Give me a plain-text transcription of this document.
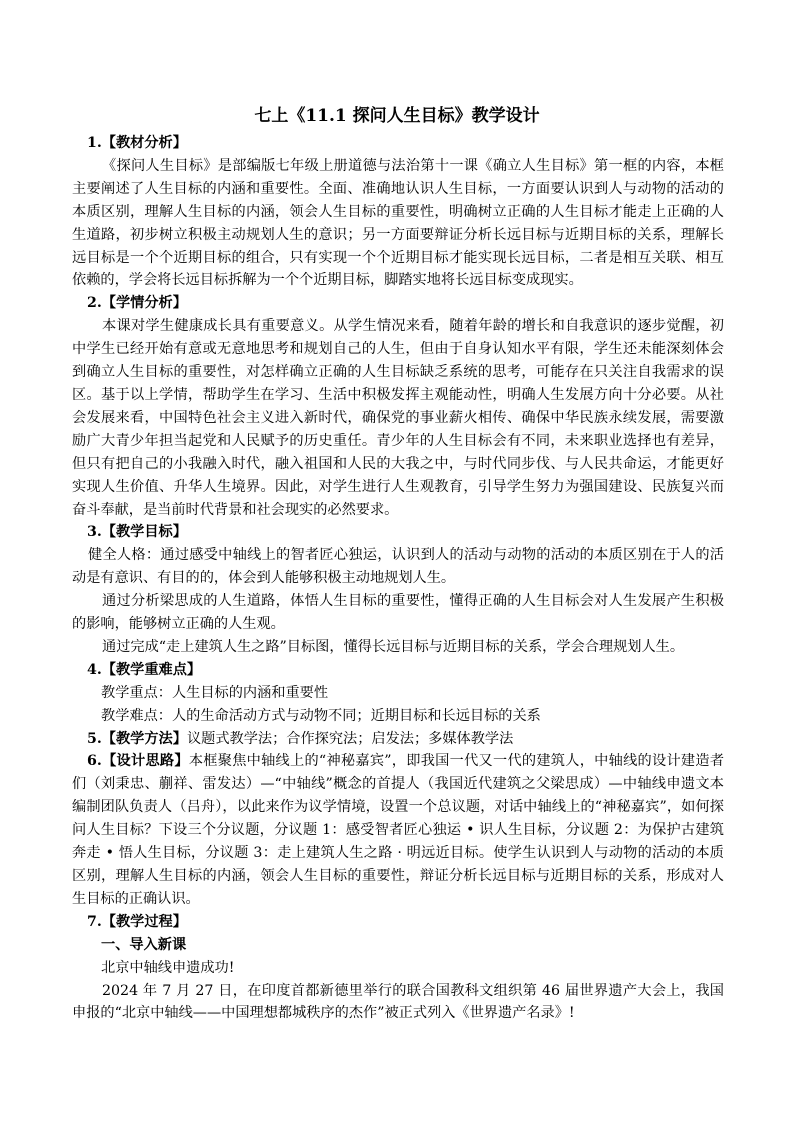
七上《11.1 探问人生目标》教学设计

1.【教材分析】

《探问人生目标》是部编版七年级上册道德与法治第十一课《确立人生目标》第一框的内容，本框主要阐述了人生目标的内涵和重要性。全面、准确地认识人生目标，一方面要认识到人与动物的活动的本质区别，理解人生目标的内涵，领会人生目标的重要性，明确树立正确的人生目标才能走上正确的人生道路，初步树立积极主动规划人生的意识；另一方面要辩证分析长远目标与近期目标的关系，理解长远目标是一个个近期目标的组合，只有实现一个个近期目标才能实现长远目标，二者是相互关联、相互依赖的，学会将长远目标拆解为一个个近期目标，脚踏实地将长远目标变成现实。

2.【学情分析】

本课对学生健康成长具有重要意义。从学生情况来看，随着年龄的增长和自我意识的逐步觉醒，初中学生已经开始有意或无意地思考和规划自己的人生，但由于自身认知水平有限，学生还未能深刻体会到确立人生目标的重要性，对怎样确立正确的人生目标缺乏系统的思考，可能存在只关注自我需求的误区。基于以上学情，帮助学生在学习、生活中积极发挥主观能动性，明确人生发展方向十分必要。从社会发展来看，中国特色社会主义进入新时代，确保党的事业薪火相传、确保中华民族永续发展，需要激励广大青少年担当起党和人民赋予的历史重任。青少年的人生目标会有不同，未来职业选择也有差异，但只有把自己的小我融入时代，融入祖国和人民的大我之中，与时代同步伐、与人民共命运，才能更好实现人生价值、升华人生境界。因此，对学生进行人生观教育，引导学生努力为强国建设、民族复兴而奋斗奉献，是当前时代背景和社会现实的必然要求。

3.【教学目标】

健全人格：通过感受中轴线上的智者匠心独运，认识到人的活动与动物的活动的本质区别在于人的活动是有意识、有目的的，体会到人能够积极主动地规划人生。

通过分析梁思成的人生道路，体悟人生目标的重要性，懂得正确的人生目标会对人生发展产生积极的影响，能够树立正确的人生观。

通过完成“走上建筑人生之路”目标图，懂得长远目标与近期目标的关系，学会合理规划人生。

4.【教学重难点】

教学重点：人生目标的内涵和重要性

教学难点：人的生命活动方式与动物不同；近期目标和长远目标的关系

5.【教学方法】议题式教学法；合作探究法；启发法；多媒体教学法

6.【设计思路】本框聚焦中轴线上的“神秘嘉宾”，即我国一代又一代的建筑人，中轴线的设计建造者们（刘秉忠、蒯祥、雷发达）—“中轴线”概念的首提人（我国近代建筑之父梁思成）—中轴线申遗文本编制团队负责人（吕舟），以此来作为议学情境，设置一个总议题，对话中轴线上的“神秘嘉宾”，如何探问人生目标？下设三个分议题，分议题 1：感受智者匠心独运 • 识人生目标，分议题 2：为保护古建筑奔走 • 悟人生目标，分议题 3：走上建筑人生之路 · 明远近目标。使学生认识到人与动物的活动的本质区别，理解人生目标的内涵，领会人生目标的重要性，辩证分析长远目标与近期目标的关系，形成对人生目标的正确认识。

7.【教学过程】

一、导入新课

北京中轴线申遗成功!

2024 年 7 月 27 日，在印度首都新德里举行的联合国教科文组织第 46 届世界遗产大会上，我国申报的“北京中轴线——中国理想都城秩序的杰作”被正式列入《世界遗产名录》!
